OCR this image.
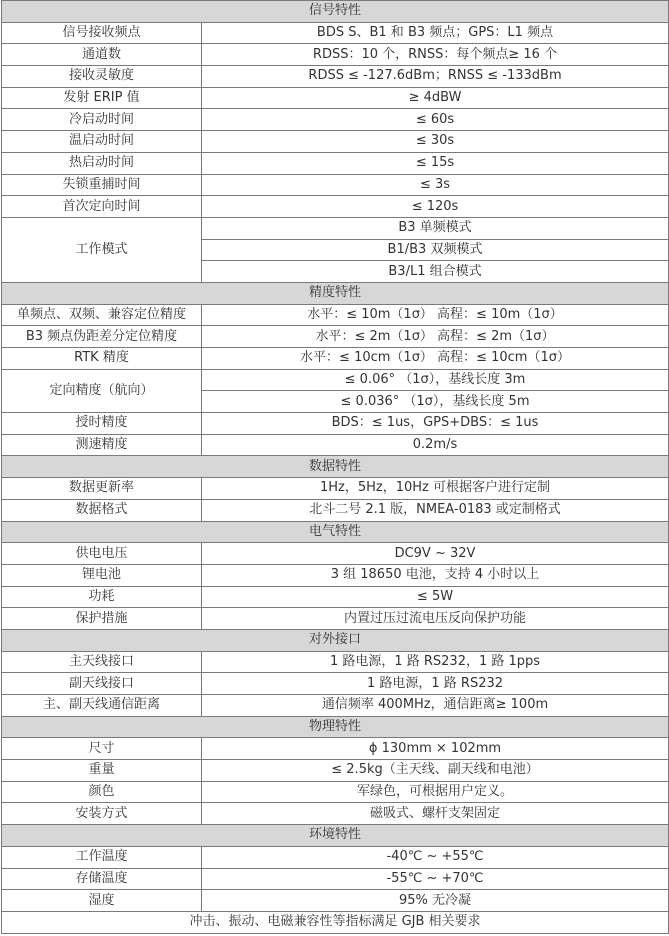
信号特性	
信号接收频点	BDS S、B1 和 B3 频点；GPS：L1 频点
通道数	RDSS：10 个，RNSS：每个频点≥ 16 个
接收灵敏度	RDSS ≤ -127.6dBm；RNSS ≤ -133dBm
发射 ERIP 值	≥ 4dBW
冷启动时间	≤ 60s
温启动时间	≤ 30s
热启动时间	≤ 15s
失锁重捕时间	≤ 3s
首次定向时间	≤ 120s
工作模式	B3 单频模式
	B1/B3 双频模式
	B3/L1 组合模式
精度特性	
单频点、双频、兼容定位精度	水平：≤ 10m（1σ） 高程：≤ 10m（1σ）
B3 频点伪距差分定位精度	水平：≤ 2m（1σ） 高程：≤ 2m（1σ）
RTK 精度	水平：≤ 10cm（1σ） 高程：≤ 10cm（1σ）
定向精度（航向）	≤ 0.06° （1σ），基线长度 3m
	≤ 0.036° （1σ），基线长度 5m
授时精度	BDS：≤ 1us，GPS+DBS：≤ 1us
测速精度	0.2m/s
数据特性	
数据更新率	1Hz，5Hz，10Hz 可根据客户进行定制
数据格式	北斗二号 2.1 版，NMEA-0183 或定制格式
电气特性	
供电电压	DC9V ~ 32V
锂电池	3 组 18650 电池，支持 4 小时以上
功耗	≤ 5W
保护措施	内置过压过流电压反向保护功能
对外接口	
主天线接口	1 路电源，1 路 RS232，1 路 1pps
副天线接口	1 路电源，1 路 RS232
主、副天线通信距离	通信频率 400MHz，通信距离≥ 100m
物理特性	
尺寸	ɸ 130mm × 102mm
重量	≤ 2.5kg（主天线、副天线和电池）
颜色	军绿色，可根据用户定义。
安装方式	磁吸式、螺杆支架固定
环境特性	
工作温度	-40℃ ~ +55℃
存储温度	-55℃ ~ +70℃
湿度	95% 无冷凝
冲击、振动、电磁兼容性等指标满足 GJB 相关要求	
